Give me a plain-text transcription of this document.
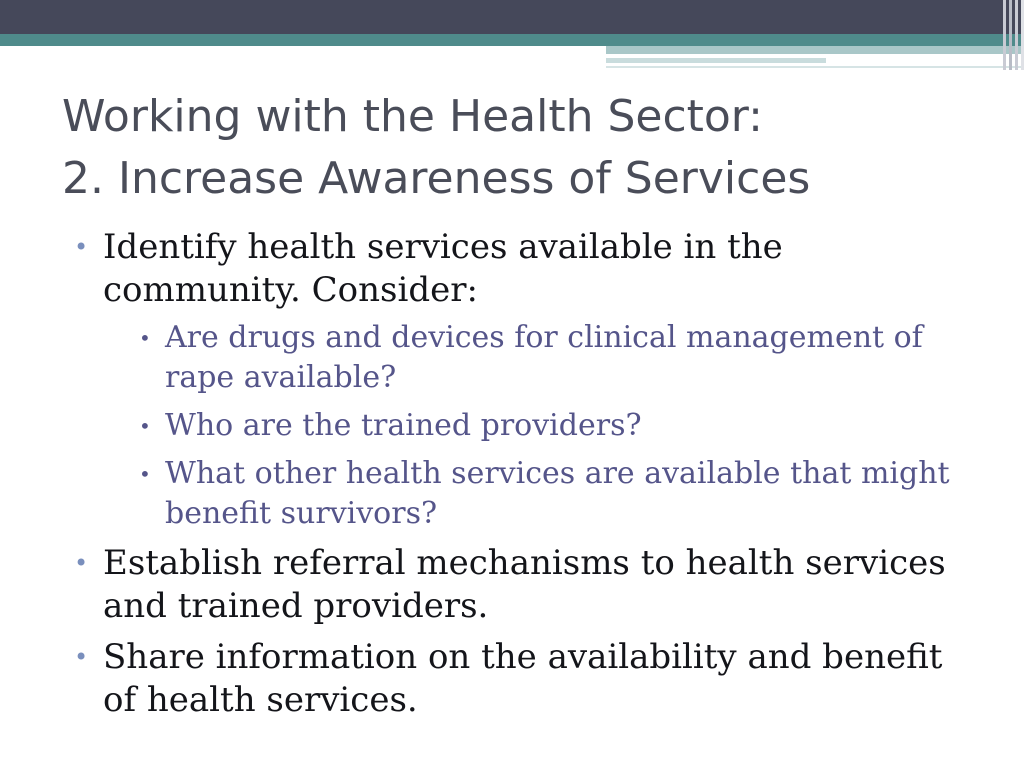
Working with the Health Sector:
2. Increase Awareness of Services
• Identify health services available in the community. Consider:
• Are drugs and devices for clinical management of rape available?
• Who are the trained providers?
• What other health services are available that might benefit survivors?
• Establish referral mechanisms to health services and trained providers.
• Share information on the availability and benefit of health services.
